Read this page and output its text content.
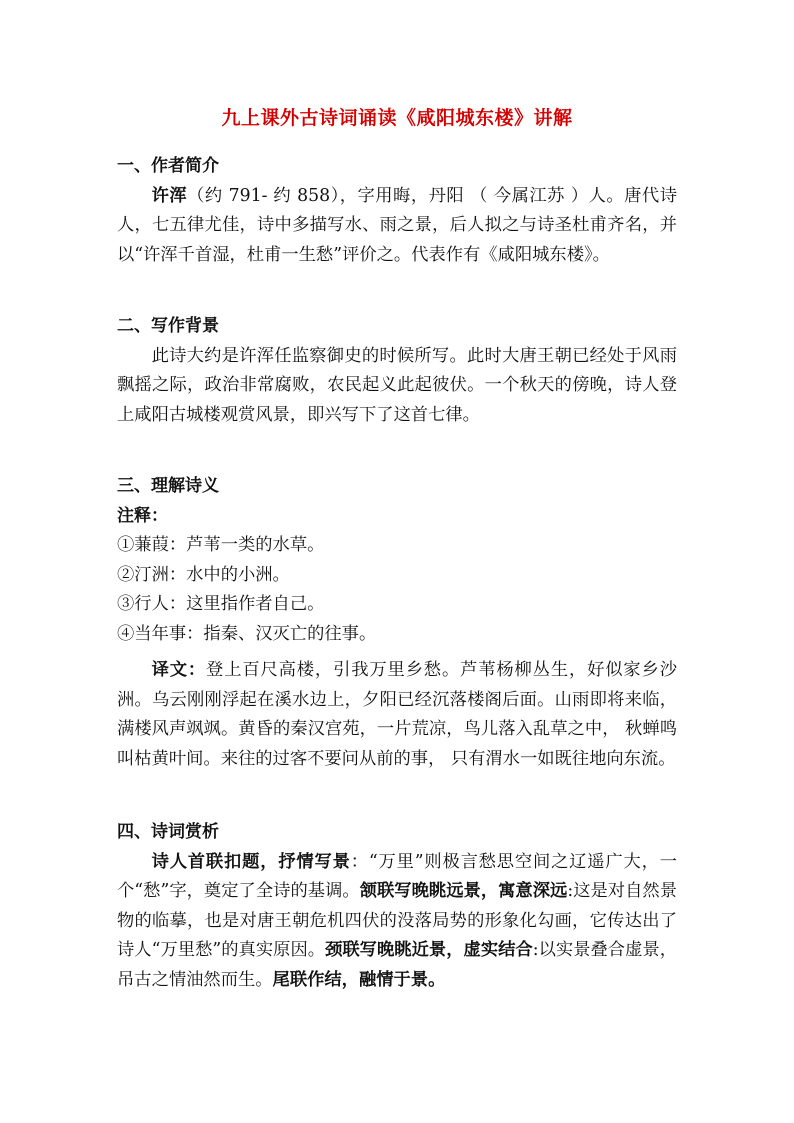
九上课外古诗词诵读《咸阳城东楼》讲解
一、作者简介

许浑（约 791- 约 858），字用晦，丹阳 （ 今属江苏 ）人。唐代诗人，七五律尤佳，诗中多描写水、雨之景，后人拟之与诗圣杜甫齐名，并以“许浑千首湿，杜甫一生愁”评价之。代表作有《咸阳城东楼》。

二、写作背景

此诗大约是许浑任监察御史的时候所写。此时大唐王朝已经处于风雨飘摇之际，政治非常腐败，农民起义此起彼伏。一个秋天的傍晚，诗人登上咸阳古城楼观赏风景，即兴写下了这首七律。

三、理解诗义
注释：
①蒹葭：芦苇一类的水草。
②汀洲：水中的小洲。
③行人：这里指作者自己。
④当年事：指秦、汉灭亡的往事。

译文：登上百尺高楼，引我万里乡愁。芦苇杨柳丛生，好似家乡沙洲。乌云刚刚浮起在溪水边上，夕阳已经沉落楼阁后面。山雨即将来临，满楼风声飒飒。黄昏的秦汉宫苑，一片荒凉，鸟儿落入乱草之中， 秋蝉鸣叫枯黄叶间。来往的过客不要问从前的事， 只有渭水一如既往地向东流。

四、诗词赏析

诗人首联扣题，抒情写景：“万里”则极言愁思空间之辽遥广大，一个“愁”字，奠定了全诗的基调。颔联写晚眺远景，寓意深远:这是对自然景物的临摹，也是对唐王朝危机四伏的没落局势的形象化勾画，它传达出了诗人“万里愁”的真实原因。颈联写晚眺近景，虚实结合:以实景叠合虚景，吊古之情油然而生。尾联作结，融情于景。
